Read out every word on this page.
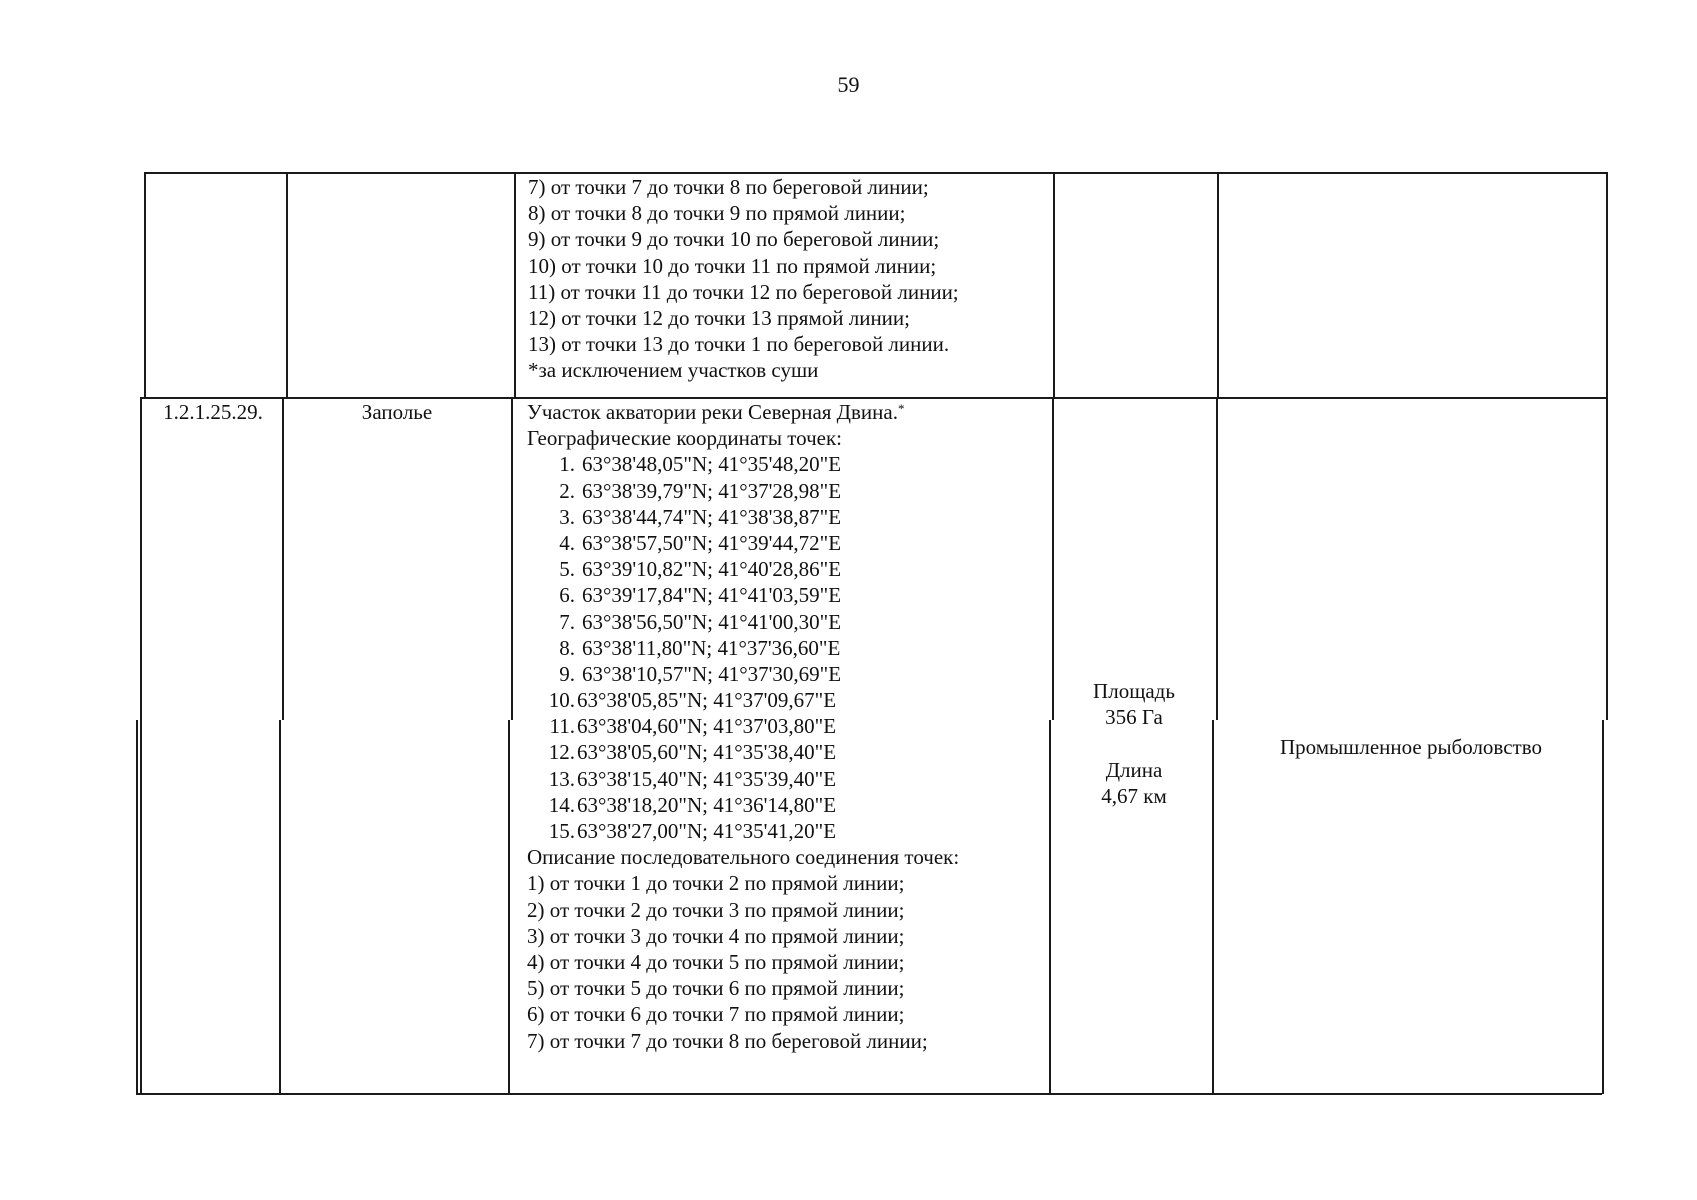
59
7) от точки 7 до точки 8 по береговой линии;
8) от точки 8 до точки 9 по прямой линии;
9) от точки 9 до точки 10 по береговой линии;
10) от точки 10 до точки 11 по прямой линии;
11) от точки 11 до точки 12 по береговой линии;
12) от точки 12 до точки 13 прямой линии;
13) от точки 13 до точки 1 по береговой линии.
*за исключением участков суши
1.2.1.25.29.	Заполье	Участок акватории реки Северная Двина.*
Географические координаты точек:
1. 63°38'48,05"N; 41°35'48,20"E
2. 63°38'39,79"N; 41°37'28,98"E
3. 63°38'44,74"N; 41°38'38,87"E
4. 63°38'57,50"N; 41°39'44,72"E
5. 63°39'10,82"N; 41°40'28,86"E
6. 63°39'17,84"N; 41°41'03,59"E
7. 63°38'56,50"N; 41°41'00,30"E
8. 63°38'11,80"N; 41°37'36,60"E
9. 63°38'10,57"N; 41°37'30,69"E
10.63°38'05,85"N; 41°37'09,67"E
11.63°38'04,60"N; 41°37'03,80"E
12.63°38'05,60"N; 41°35'38,40"E
13.63°38'15,40"N; 41°35'39,40"E
14.63°38'18,20"N; 41°36'14,80"E
15.63°38'27,00"N; 41°35'41,20"E
Описание последовательного соединения точек:
1) от точки 1 до точки 2 по прямой линии;
2) от точки 2 до точки 3 по прямой линии;
3) от точки 3 до точки 4 по прямой линии;
4) от точки 4 до точки 5 по прямой линии;
5) от точки 5 до точки 6 по прямой линии;
6) от точки 6 до точки 7 по прямой линии;
7) от точки 7 до точки 8 по береговой линии;
Площадь
356 Га
Длина
4,67 км
Промышленное рыболовство
